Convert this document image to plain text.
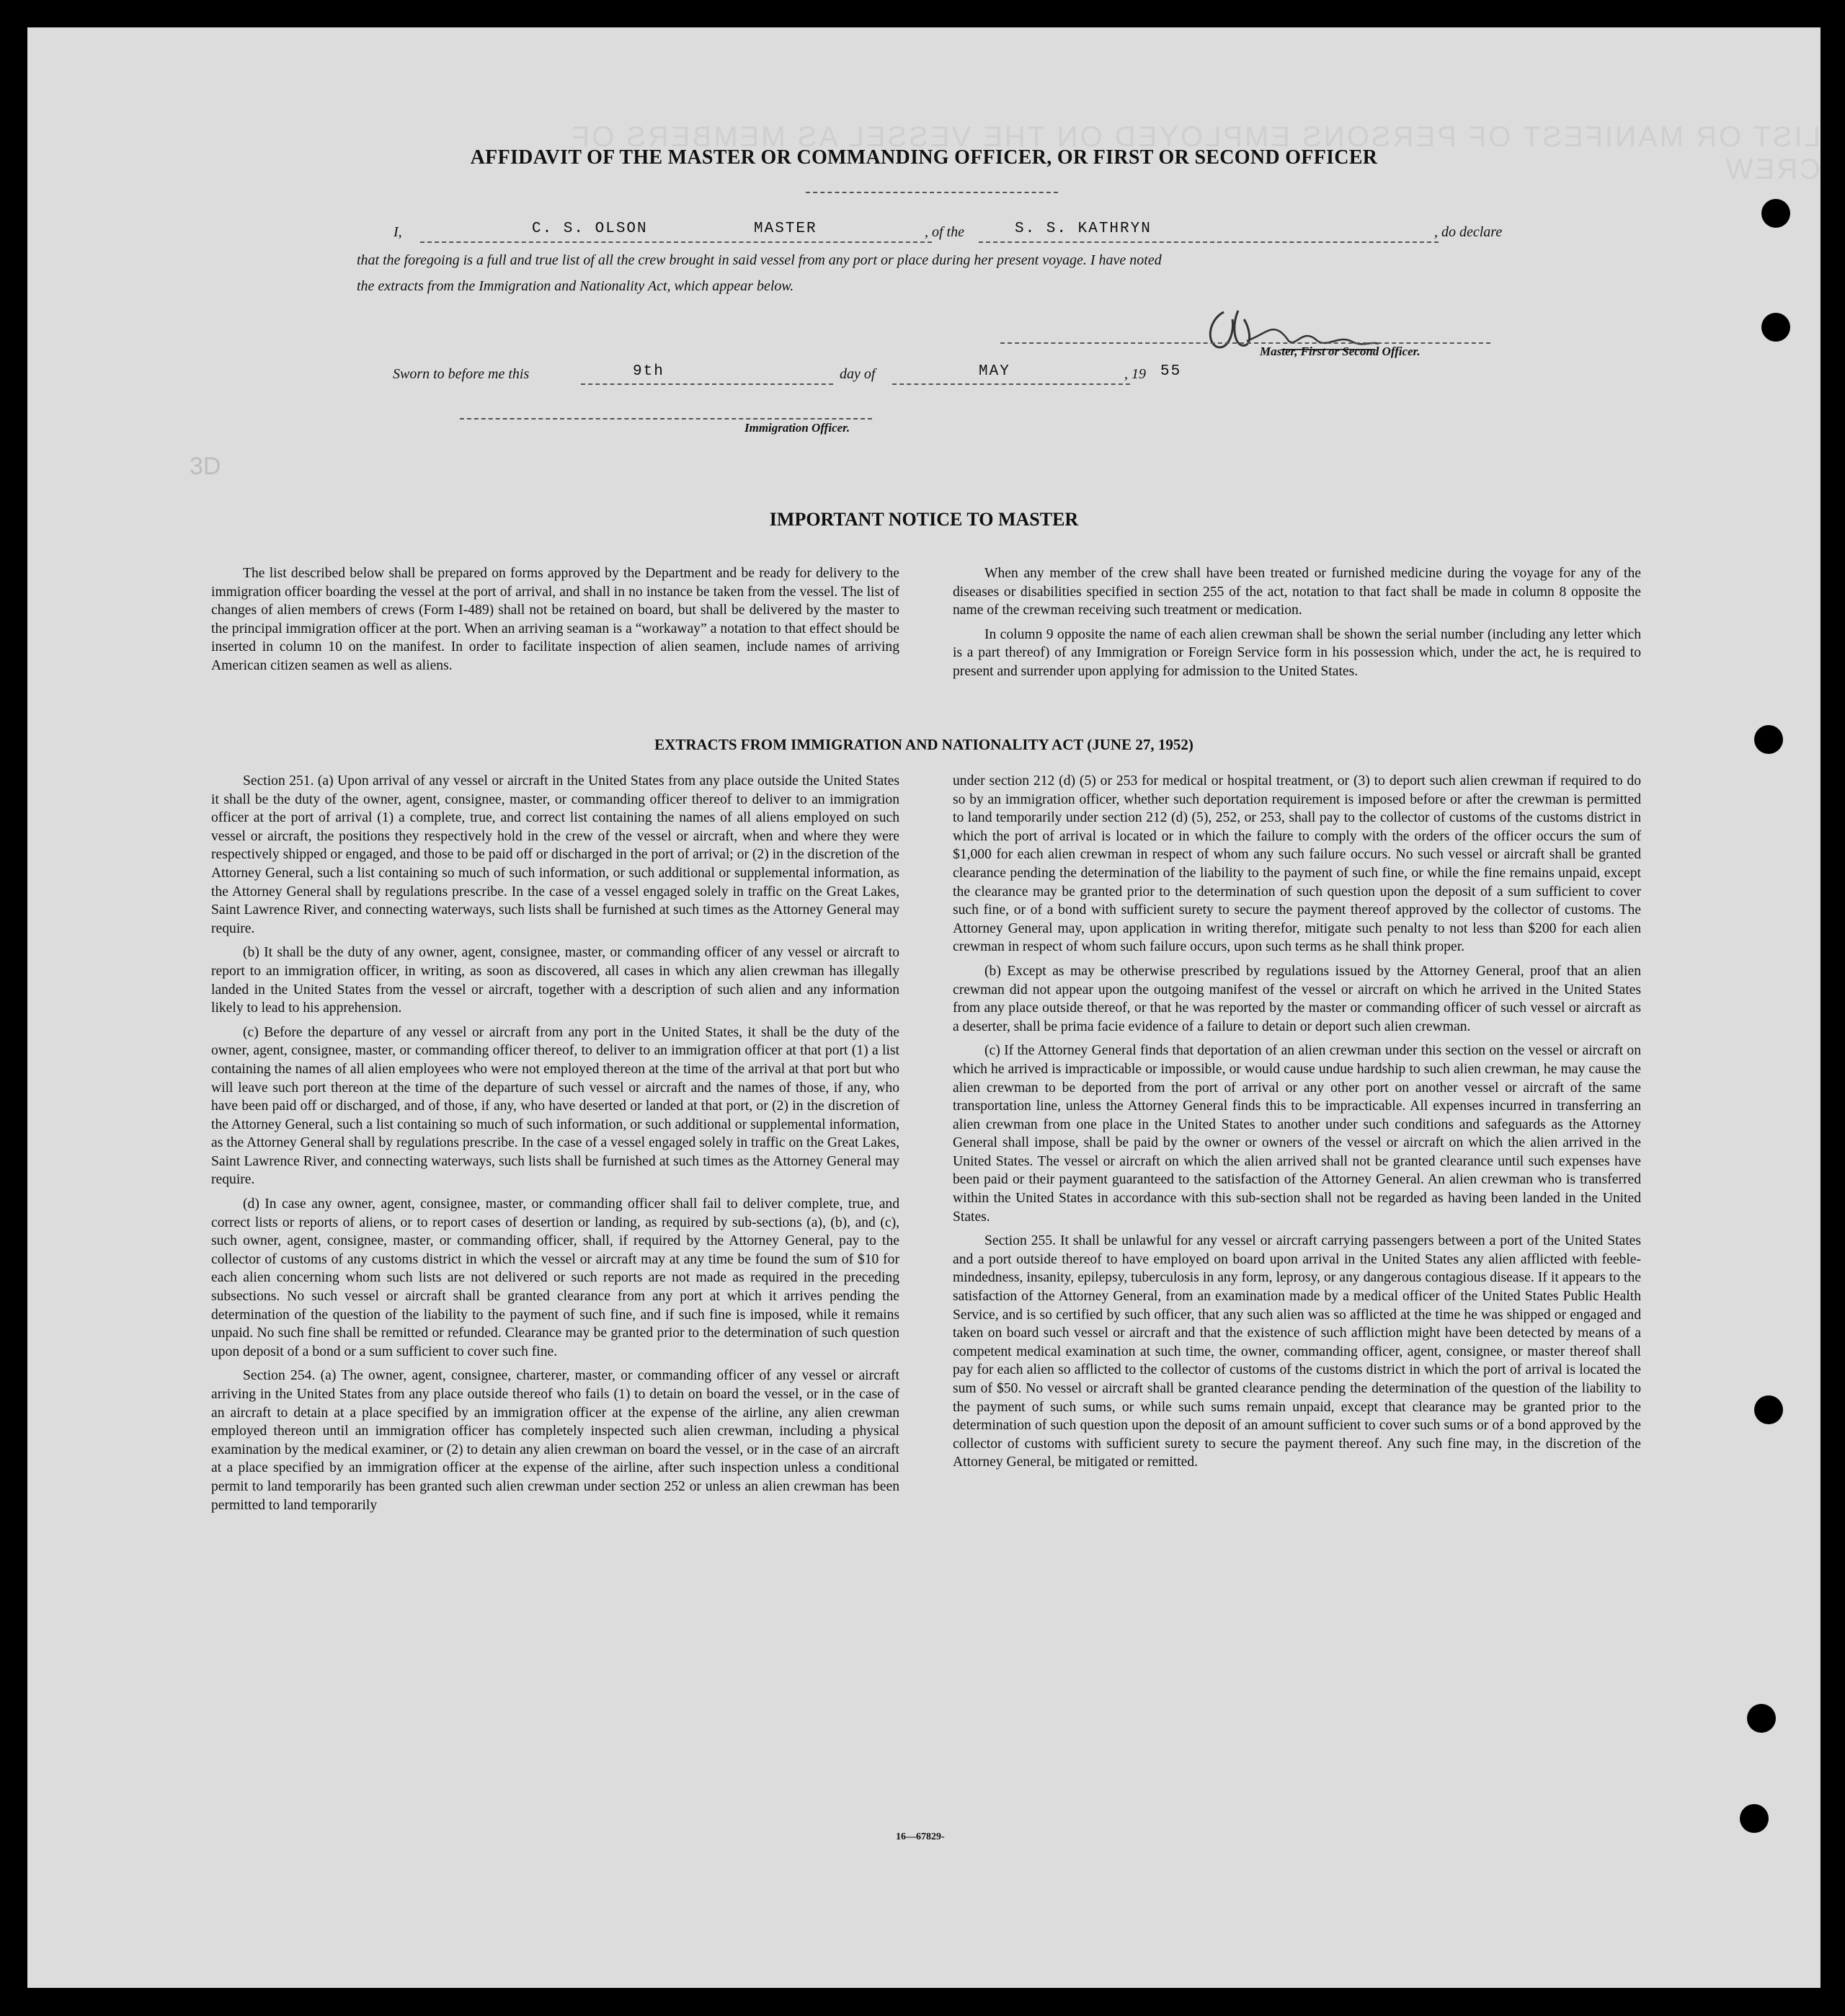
LIST OR MANIFEST OF PERSONS EMPLOYED ON THE VESSEL AS MEMBERS OF CREW
3D
AFFIDAVIT OF THE MASTER OR COMMANDING OFFICER, OR FIRST OR SECOND OFFICER
I,	C. S. OLSON	MASTER	, of the	S. S. KATHRYN	, do declare
that the foregoing is a full and true list of all the crew brought in said vessel from any port or place during her present voyage. I have noted
the extracts from the Immigration and Nationality Act, which appear below.
Master, First or Second Officer.
Sworn to before me this	9th	day of	MAY	, 19 55
Immigration Officer.
IMPORTANT NOTICE TO MASTER

The list described below shall be prepared on forms approved by the Department and be ready for delivery to the immigration officer boarding the vessel at the port of arrival, and shall in no instance be taken from the vessel. The list of changes of alien members of crews (Form I-489) shall not be retained on board, but shall be delivered by the master to the principal immigration officer at the port. When an arriving seaman is a “workaway” a notation to that effect should be inserted in column 10 on the manifest. In order to facilitate inspection of alien seamen, include names of arriving American citizen seamen as well as aliens.

When any member of the crew shall have been treated or furnished medicine during the voyage for any of the diseases or disabilities specified in section 255 of the act, notation to that fact shall be made in column 8 opposite the name of the crewman receiving such treatment or medication.

In column 9 opposite the name of each alien crewman shall be shown the serial number (including any letter which is a part thereof) of any Immigration or Foreign Service form in his possession which, under the act, he is required to present and surrender upon applying for admission to the United States.

EXTRACTS FROM IMMIGRATION AND NATIONALITY ACT (JUNE 27, 1952)

Section 251. (a) Upon arrival of any vessel or aircraft in the United States from any place outside the United States it shall be the duty of the owner, agent, consignee, master, or commanding officer thereof to deliver to an immigration officer at the port of arrival (1) a complete, true, and correct list containing the names of all aliens employed on such vessel or aircraft, the positions they respectively hold in the crew of the vessel or aircraft, when and where they were respectively shipped or engaged, and those to be paid off or discharged in the port of arrival; or (2) in the discretion of the Attorney General, such a list containing so much of such information, or such additional or supplemental information, as the Attorney General shall by regulations prescribe. In the case of a vessel engaged solely in traffic on the Great Lakes, Saint Lawrence River, and connecting waterways, such lists shall be furnished at such times as the Attorney General may require.

(b) It shall be the duty of any owner, agent, consignee, master, or commanding officer of any vessel or aircraft to report to an immigration officer, in writing, as soon as discovered, all cases in which any alien crewman has illegally landed in the United States from the vessel or aircraft, together with a description of such alien and any information likely to lead to his apprehension.

(c) Before the departure of any vessel or aircraft from any port in the United States, it shall be the duty of the owner, agent, consignee, master, or commanding officer thereof, to deliver to an immigration officer at that port (1) a list containing the names of all alien employees who were not employed thereon at the time of the arrival at that port but who will leave such port thereon at the time of the departure of such vessel or aircraft and the names of those, if any, who have been paid off or discharged, and of those, if any, who have deserted or landed at that port, or (2) in the discretion of the Attorney General, such a list containing so much of such information, or such additional or supplemental information, as the Attorney General shall by regulations prescribe. In the case of a vessel engaged solely in traffic on the Great Lakes, Saint Lawrence River, and connecting waterways, such lists shall be furnished at such times as the Attorney General may require.

(d) In case any owner, agent, consignee, master, or commanding officer shall fail to deliver complete, true, and correct lists or reports of aliens, or to report cases of desertion or landing, as required by sub-sections (a), (b), and (c), such owner, agent, consignee, master, or commanding officer, shall, if required by the Attorney General, pay to the collector of customs of any customs district in which the vessel or aircraft may at any time be found the sum of $10 for each alien concerning whom such lists are not delivered or such reports are not made as required in the preceding subsections. No such vessel or aircraft shall be granted clearance from any port at which it arrives pending the determination of the question of the liability to the payment of such fine, and if such fine is imposed, while it remains unpaid. No such fine shall be remitted or refunded. Clearance may be granted prior to the determination of such question upon deposit of a bond or a sum sufficient to cover such fine.

Section 254. (a) The owner, agent, consignee, charterer, master, or commanding officer of any vessel or aircraft arriving in the United States from any place outside thereof who fails (1) to detain on board the vessel, or in the case of an aircraft to detain at a place specified by an immigration officer at the expense of the airline, any alien crewman employed thereon until an immigration officer has completely inspected such alien crewman, including a physical examination by the medical examiner, or (2) to detain any alien crewman on board the vessel, or in the case of an aircraft at a place specified by an immigration officer at the expense of the airline, after such inspection unless a conditional permit to land temporarily has been granted such alien crewman under section 252 or unless an alien crewman has been permitted to land temporarily

under section 212 (d) (5) or 253 for medical or hospital treatment, or (3) to deport such alien crewman if required to do so by an immigration officer, whether such deportation requirement is imposed before or after the crewman is permitted to land temporarily under section 212 (d) (5), 252, or 253, shall pay to the collector of customs of the customs district in which the port of arrival is located or in which the failure to comply with the orders of the officer occurs the sum of $1,000 for each alien crewman in respect of whom any such failure occurs. No such vessel or aircraft shall be granted clearance pending the determination of the liability to the payment of such fine, or while the fine remains unpaid, except the clearance may be granted prior to the determination of such question upon the deposit of a sum sufficient to cover such fine, or of a bond with sufficient surety to secure the payment thereof approved by the collector of customs. The Attorney General may, upon application in writing therefor, mitigate such penalty to not less than $200 for each alien crewman in respect of whom such failure occurs, upon such terms as he shall think proper.

(b) Except as may be otherwise prescribed by regulations issued by the Attorney General, proof that an alien crewman did not appear upon the outgoing manifest of the vessel or aircraft on which he arrived in the United States from any place outside thereof, or that he was reported by the master or commanding officer of such vessel or aircraft as a deserter, shall be prima facie evidence of a failure to detain or deport such alien crewman.

(c) If the Attorney General finds that deportation of an alien crewman under this section on the vessel or aircraft on which he arrived is impracticable or impossible, or would cause undue hardship to such alien crewman, he may cause the alien crewman to be deported from the port of arrival or any other port on another vessel or aircraft of the same transportation line, unless the Attorney General finds this to be impracticable. All expenses incurred in transferring an alien crewman from one place in the United States to another under such conditions and safeguards as the Attorney General shall impose, shall be paid by the owner or owners of the vessel or aircraft on which the alien arrived in the United States. The vessel or aircraft on which the alien arrived shall not be granted clearance until such expenses have been paid or their payment guaranteed to the satisfaction of the Attorney General. An alien crewman who is transferred within the United States in accordance with this sub-section shall not be regarded as having been landed in the United States.

Section 255. It shall be unlawful for any vessel or aircraft carrying passengers between a port of the United States and a port outside thereof to have employed on board upon arrival in the United States any alien afflicted with feeble-mindedness, insanity, epilepsy, tuberculosis in any form, leprosy, or any dangerous contagious disease. If it appears to the satisfaction of the Attorney General, from an examination made by a medical officer of the United States Public Health Service, and is so certified by such officer, that any such alien was so afflicted at the time he was shipped or engaged and taken on board such vessel or aircraft and that the existence of such affliction might have been detected by means of a competent medical examination at such time, the owner, commanding officer, agent, consignee, or master thereof shall pay for each alien so afflicted to the collector of customs of the customs district in which the port of arrival is located the sum of $50. No vessel or aircraft shall be granted clearance pending the determination of the question of the liability to the payment of such sums, or while such sums remain unpaid, except that clearance may be granted prior to the determination of such question upon the deposit of an amount sufficient to cover such sums or of a bond approved by the collector of customs with sufficient surety to secure the payment thereof. Any such fine may, in the discretion of the Attorney General, be mitigated or remitted.

16—67829-
